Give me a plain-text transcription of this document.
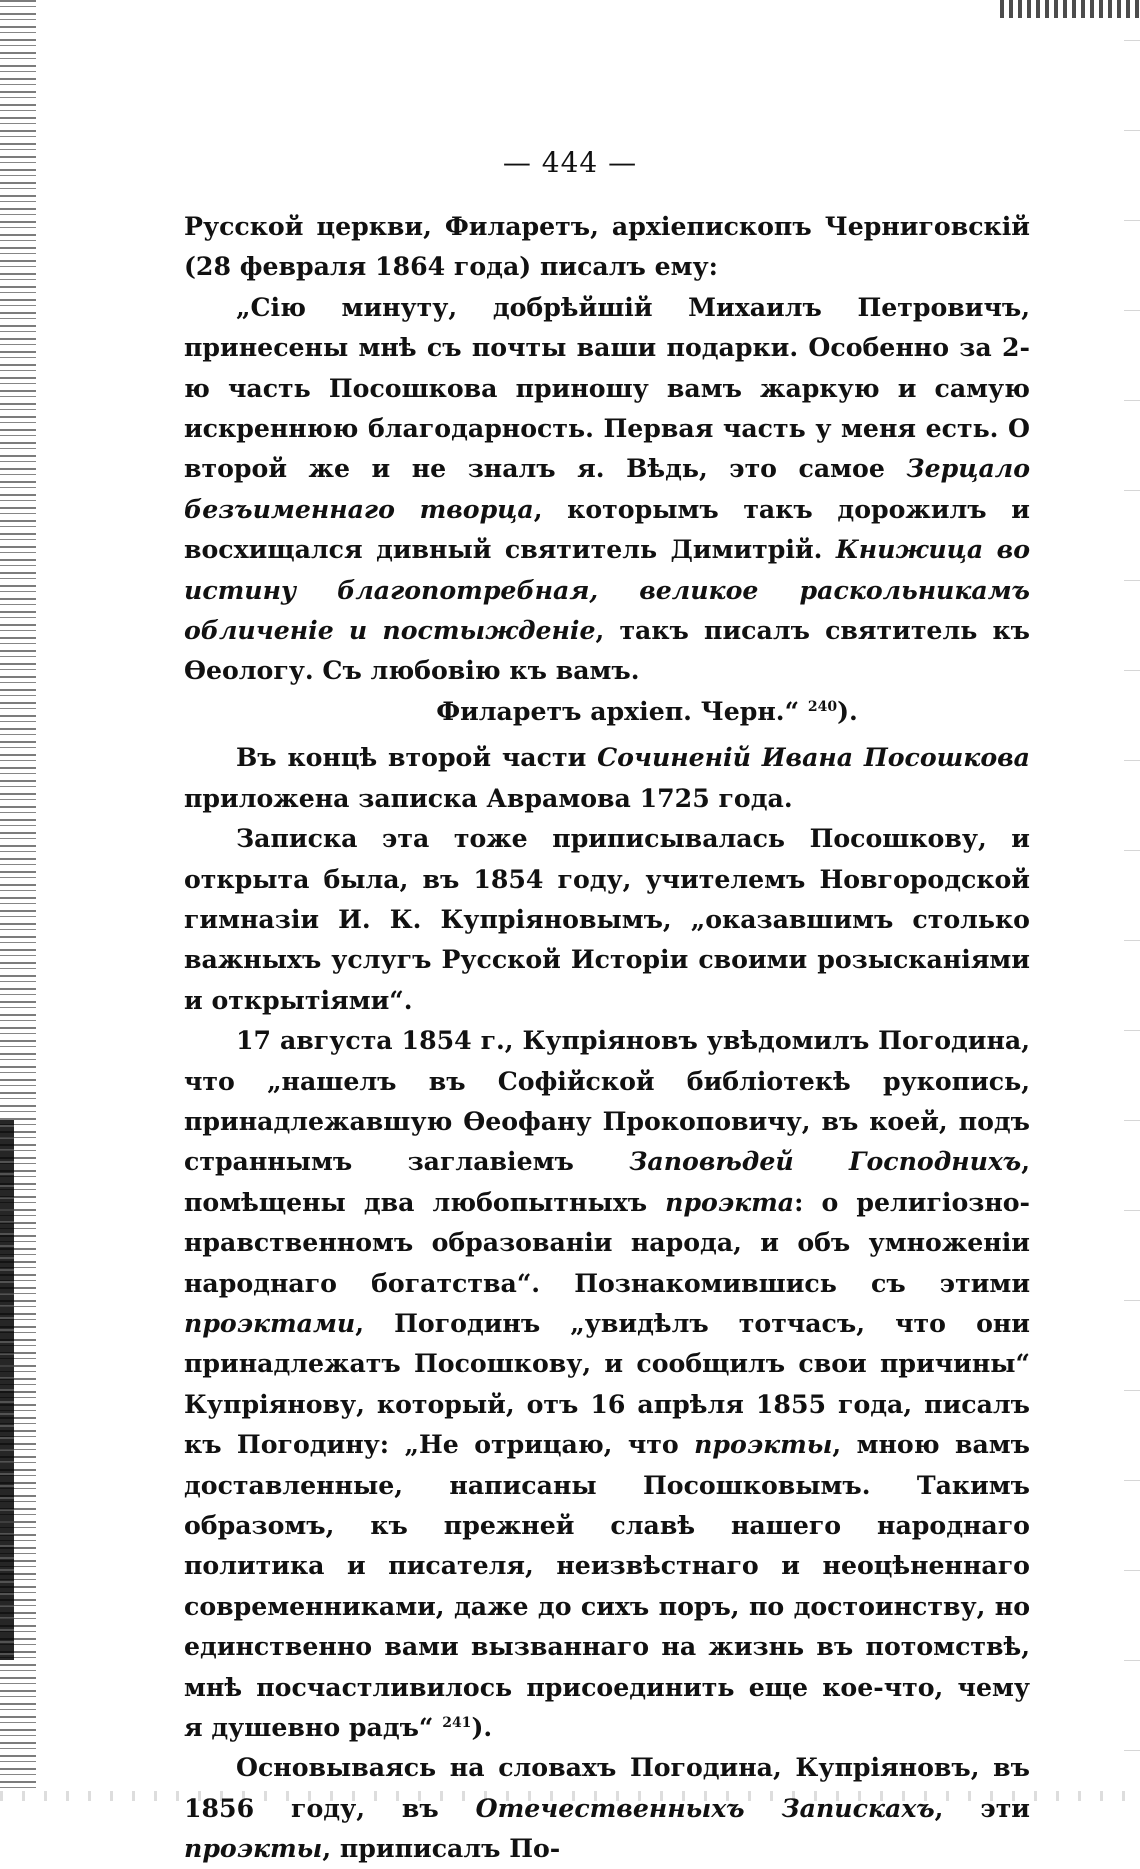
— 444 —

Русской церкви, Филаретъ, архіепископъ Черниговскій (28 февраля 1864 года) писалъ ему:

„Сію минуту, добрѣйшій Михаилъ Петровичъ, принесены мнѣ съ почты ваши подарки. Особенно за 2-ю часть Посошкова приношу вамъ жаркую и самую искреннюю благодарность. Первая часть у меня есть. О второй же и не зналъ я. Вѣдь, это самое Зерцало безъименнаго творца, которымъ такъ дорожилъ и восхищался дивный святитель Димитрій. Книжица во истину благопотребная, великое раскольникамъ обличеніе и постыжденіе, такъ писалъ святитель къ Ѳеологу. Съ любовію къ вамъ.

Филаретъ архіеп. Черн.“ $^{240}$).

Въ концѣ второй части Сочиненій Ивана Посошкова приложена записка Аврамова 1725 года.

Записка эта тоже приписывалась Посошкову, и открыта была, въ 1854 году, учителемъ Новгородской гимназіи И. К. Купріяновымъ, „оказавшимъ столько важныхъ услугъ Русской Исторіи своими розысканіями и открытіями“.

17 августа 1854 г., Купріяновъ увѣдомилъ Погодина, что „нашелъ въ Софійской библіотекѣ рукопись, принадлежавшую Ѳеофану Прокоповичу, въ коей, подъ страннымъ заглавіемъ Заповѣдей Господнихъ, помѣщены два любопытныхъ проэкта: о религіозно-нравственномъ образованіи народа, и объ умноженіи народнаго богатства“. Познакомившись съ этими проэктами, Погодинъ „увидѣлъ тотчасъ, что они принадлежатъ Посошкову, и сообщилъ свои причины“ Купріянову, который, отъ 16 апрѣля 1855 года, писалъ къ Погодину: „Не отрицаю, что проэкты, мною вамъ доставленные, написаны Посошковымъ. Такимъ образомъ, къ прежней славѣ нашего народнаго политика и писателя, неизвѣстнаго и неоцѣненнаго современниками, даже до сихъ поръ, по достоинству, но единственно вами вызваннаго на жизнь въ потомствѣ, мнѣ посчастливилось присоединить еще кое-что, чему я душевно радъ“ $^{241}$).

Основываясь на словахъ Погодина, Купріяновъ, въ 1856 году, въ Отечественныхъ Запискахъ, эти проэкты, приписалъ По-
